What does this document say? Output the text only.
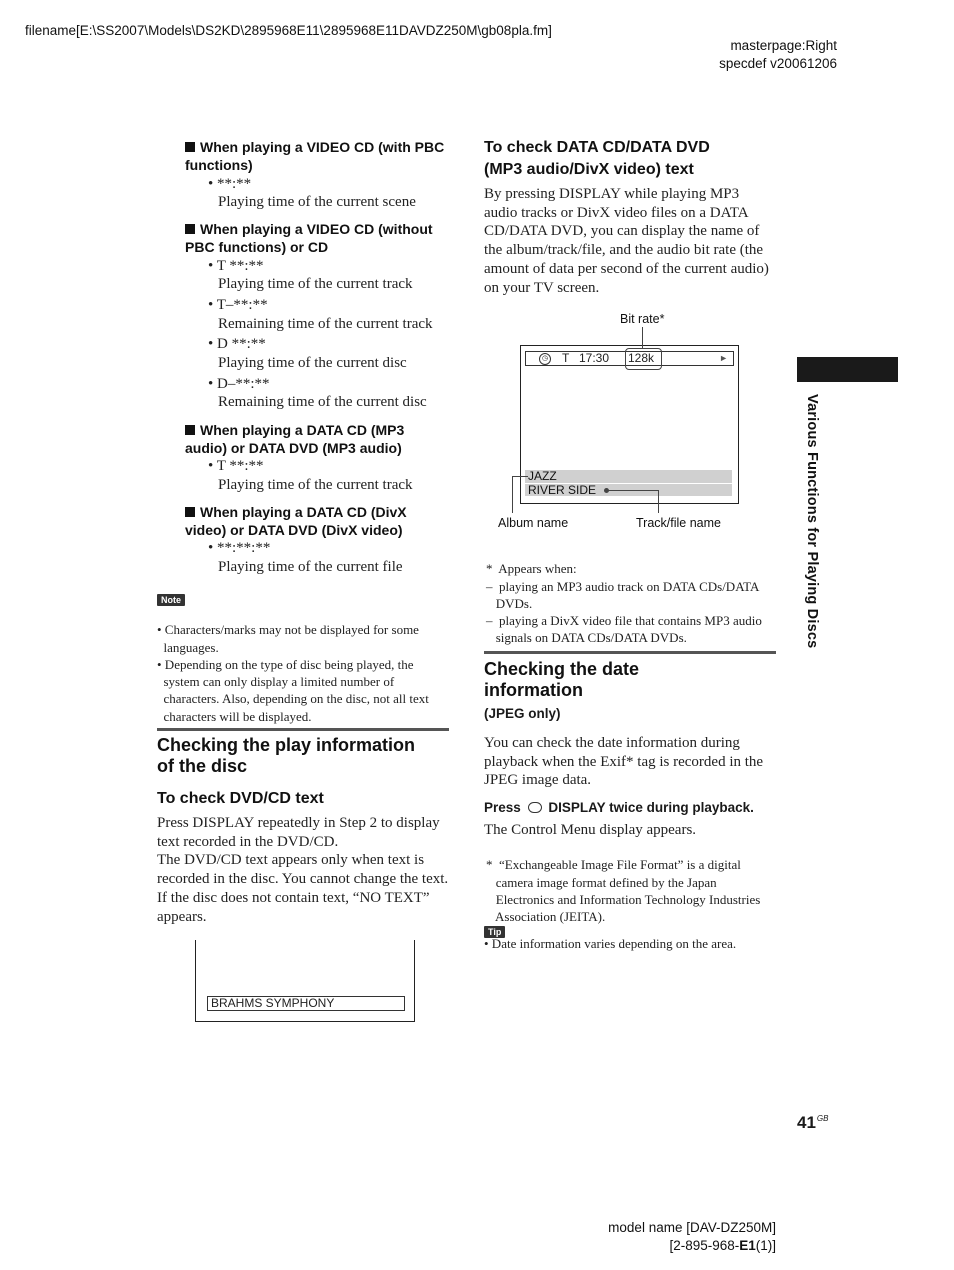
filename[E:\SS2007\Models\DS2KD\2895968E11\2895968E11DAVDZ250M\gb08pla.fm]
masterpage:Right
specdef v20061206
When playing a VIDEO CD (with PBC
functions)
• **:**
Playing time of the current scene
When playing a VIDEO CD (without
PBC functions) or CD
• T **:**
Playing time of the current track
• T–**:**
Remaining time of the current track
• D **:**
Playing time of the current disc
• D–**:**
Remaining time of the current disc
When playing a DATA CD (MP3
audio) or DATA DVD (MP3 audio)
• T **:**
Playing time of the current track
When playing a DATA CD (DivX
video) or DATA DVD (DivX video)
• **:**:**
Playing time of the current file
Note

• Characters/marks may not be displayed for some
languages.
• Depending on the type of disc being played, the
system can only display a limited number of
characters. Also, depending on the disc, not all text
characters will be displayed.

Checking the play information
of the disc
To check DVD/CD text
Press DISPLAY repeatedly in Step 2 to display
text recorded in the DVD/CD.
The DVD/CD text appears only when text is
recorded in the disc. You cannot change the text.
If the disc does not contain text, “NO TEXT”
appears.
BRAHMS SYMPHONY
To check DATA CD/DATA DVD
(MP3 audio/DivX video) text
By pressing DISPLAY while playing MP3
audio tracks or DivX video files on a DATA
CD/DATA DVD, you can display the name of
the album/track/file, and the audio bit rate (the
amount of data per second of the current audio)
on your TV screen.
Bit rate*
◷ T 17:30 128k	►
JAZZ
RIVER SIDE
Album name	Track/file name

*  Appears when:
–  playing an MP3 audio track on DATA CDs/DATA
DVDs.
–  playing a DivX video file that contains MP3 audio
signals on DATA CDs/DATA DVDs.

Checking the date
information
(JPEG only)
You can check the date information during
playback when the Exif* tag is recorded in the
JPEG image data.
Press DISPLAY twice during playback.
The Control Menu display appears.

*  “Exchangeable Image File Format” is a digital
camera image format defined by the Japan
Electronics and Information Technology Industries
Association (JEITA).

Tip
• Date information varies depending on the area.
Various Functions for Playing Discs
$41^{GB}$
model name [DAV-DZ250M]
[2-895-968-E1(1)]
